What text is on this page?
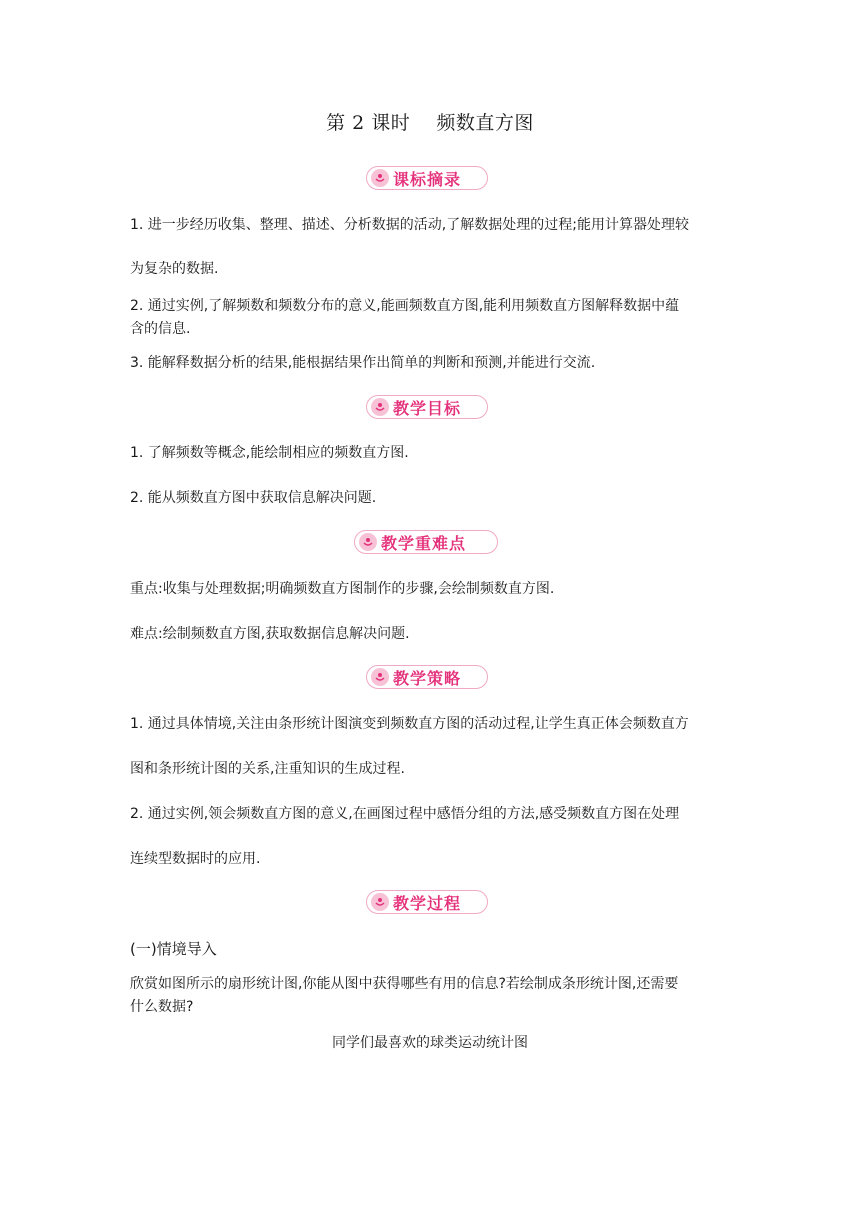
第 2 课时    频数直方图
课标摘录
1. 进一步经历收集、整理、描述、分析数据的活动,了解数据处理的过程;能用计算器处理较
为复杂的数据.
2. 通过实例,了解频数和频数分布的意义,能画频数直方图,能利用频数直方图解释数据中蕴
含的信息.
3. 能解释数据分析的结果,能根据结果作出简单的判断和预测,并能进行交流.
教学目标
1. 了解频数等概念,能绘制相应的频数直方图.
2. 能从频数直方图中获取信息解决问题.
教学重难点
重点:收集与处理数据;明确频数直方图制作的步骤,会绘制频数直方图.
难点:绘制频数直方图,获取数据信息解决问题.
教学策略
1. 通过具体情境,关注由条形统计图演变到频数直方图的活动过程,让学生真正体会频数直方
图和条形统计图的关系,注重知识的生成过程.
2. 通过实例,领会频数直方图的意义,在画图过程中感悟分组的方法,感受频数直方图在处理
连续型数据时的应用.
教学过程
(一)情境导入
欣赏如图所示的扇形统计图,你能从图中获得哪些有用的信息?若绘制成条形统计图,还需要
什么数据?
同学们最喜欢的球类运动统计图
